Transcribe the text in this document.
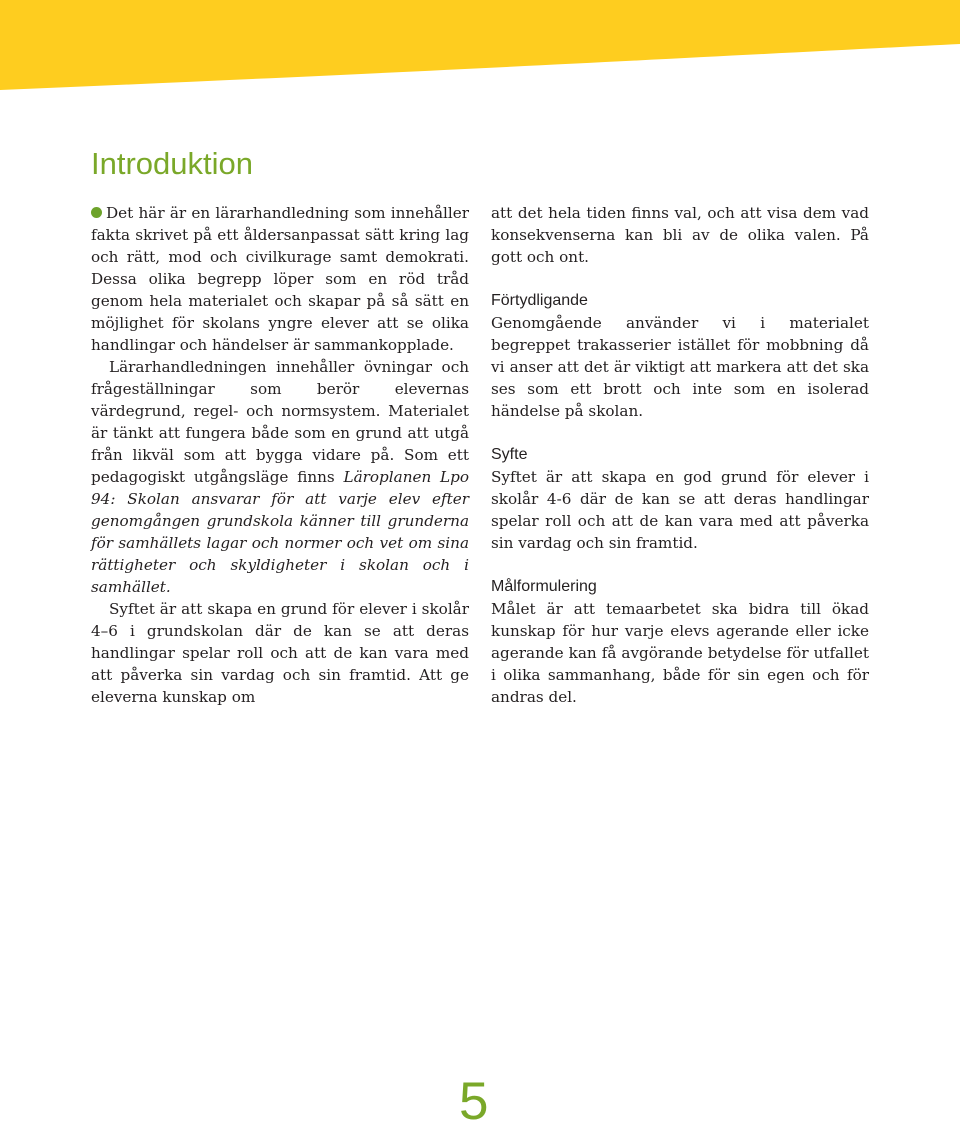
Introduktion

Det här är en lärarhandledning som innehåller fakta skrivet på ett åldersanpassat sätt kring lag och rätt, mod och civilkurage samt demokrati. Dessa olika begrepp löper som en röd tråd genom hela materialet och skapar på så sätt en möjlighet för skolans yngre elever att se olika handlingar och händelser är sammankopplade.

Lärarhandledningen innehåller övningar och frågeställningar som berör elevernas värdegrund, regel- och normsystem. Materialet är tänkt att fungera både som en grund att utgå från likväl som att bygga vidare på. Som ett pedagogiskt utgångsläge finns Läroplanen Lpo 94: Skolan ansvarar för att varje elev efter genomgången grundskola känner till grunderna för samhällets lagar och normer och vet om sina rättigheter och skyldigheter i skolan och i samhället.

Syftet är att skapa en grund för elever i skolår 4–6 i grundskolan där de kan se att deras handlingar spelar roll och att de kan vara med att påverka sin vardag och sin framtid. Att ge eleverna kunskap om

att det hela tiden finns val, och att visa dem vad konsekvenserna kan bli av de olika valen. På gott och ont.

Förtydligande

Genomgående använder vi i materialet begreppet trakasserier istället för mobbning då vi anser att det är viktigt att markera att det ska ses som ett brott och inte som en isolerad händelse på skolan.

Syfte

Syftet är att skapa en god grund för elever i skolår 4-6 där de kan se att deras handlingar spelar roll och att de kan vara med att påverka sin vardag och sin framtid.

Målformulering

Målet är att temaarbetet ska bidra till ökad kunskap för hur varje elevs agerande eller icke agerande kan få avgörande betydelse för utfallet i olika sammanhang, både för sin egen och för andras del.

5
